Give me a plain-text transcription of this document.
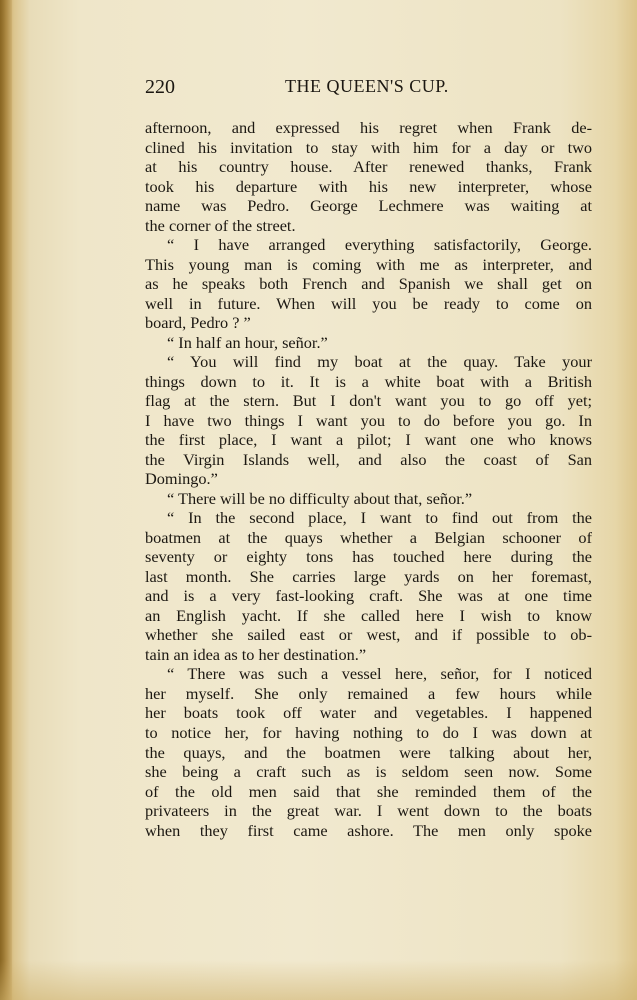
220	THE QUEEN'S CUP.
afternoon, and expressed his regret when Frank de-
clined his invitation to stay with him for a day or two
at his country house. After renewed thanks, Frank
took his departure with his new interpreter, whose
name was Pedro. George Lechmere was waiting at
the corner of the street.
“ I have arranged everything satisfactorily, George.
This young man is coming with me as interpreter, and
as he speaks both French and Spanish we shall get on
well in future. When will you be ready to come on
board, Pedro ? ”
“ In half an hour, señor.”
“ You will find my boat at the quay. Take your
things down to it. It is a white boat with a British
flag at the stern. But I don't want you to go off yet;
I have two things I want you to do before you go. In
the first place, I want a pilot; I want one who knows
the Virgin Islands well, and also the coast of San
Domingo.”
“ There will be no difficulty about that, señor.”
“ In the second place, I want to find out from the
boatmen at the quays whether a Belgian schooner of
seventy or eighty tons has touched here during the
last month. She carries large yards on her foremast,
and is a very fast-looking craft. She was at one time
an English yacht. If she called here I wish to know
whether she sailed east or west, and if possible to ob-
tain an idea as to her destination.”
“ There was such a vessel here, señor, for I noticed
her myself. She only remained a few hours while
her boats took off water and vegetables. I happened
to notice her, for having nothing to do I was down at
the quays, and the boatmen were talking about her,
she being a craft such as is seldom seen now. Some
of the old men said that she reminded them of the
privateers in the great war. I went down to the boats
when they first came ashore. The men only spoke
